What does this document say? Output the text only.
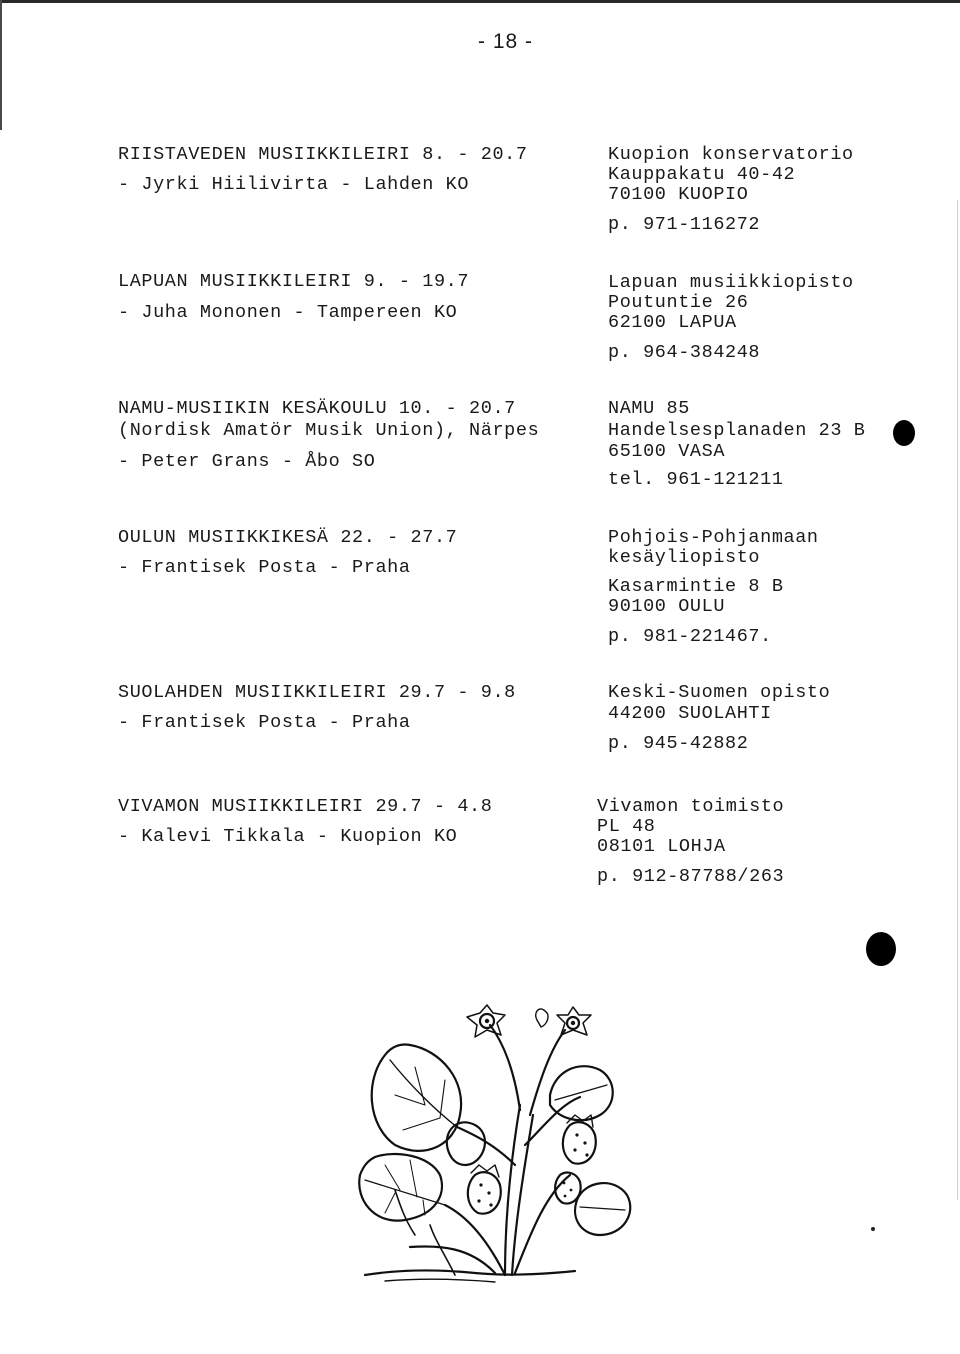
- 18 -
RIISTAVEDEN MUSIIKKILEIRI 8. - 20.7
- Jyrki Hiilivirta - Lahden KO
Kuopion konservatorio
Kauppakatu 40-42
70100 KUOPIO
p. 971-116272
LAPUAN MUSIIKKILEIRI 9. - 19.7
- Juha Mononen - Tampereen KO
Lapuan musiikkiopisto
Poutuntie 26
62100 LAPUA
p. 964-384248
NAMU-MUSIIKIN KESÄKOULU 10. - 20.7
(Nordisk Amatör Musik Union), Närpes
- Peter Grans - Åbo SO
NAMU 85
Handelsesplanaden 23 B
65100 VASA
tel. 961-121211
OULUN MUSIIKKIKESÄ 22. - 27.7
- Frantisek Posta - Praha
Pohjois-Pohjanmaan
kesäyliopisto
Kasarmintie 8 B
90100 OULU
p. 981-221467.
SUOLAHDEN MUSIIKKILEIRI 29.7 - 9.8
- Frantisek Posta - Praha
Keski-Suomen opisto
44200 SUOLAHTI
p. 945-42882
VIVAMON MUSIIKKILEIRI 29.7 - 4.8
- Kalevi Tikkala - Kuopion KO
Vivamon toimisto
PL 48
08101 LOHJA
p. 912-87788/263
